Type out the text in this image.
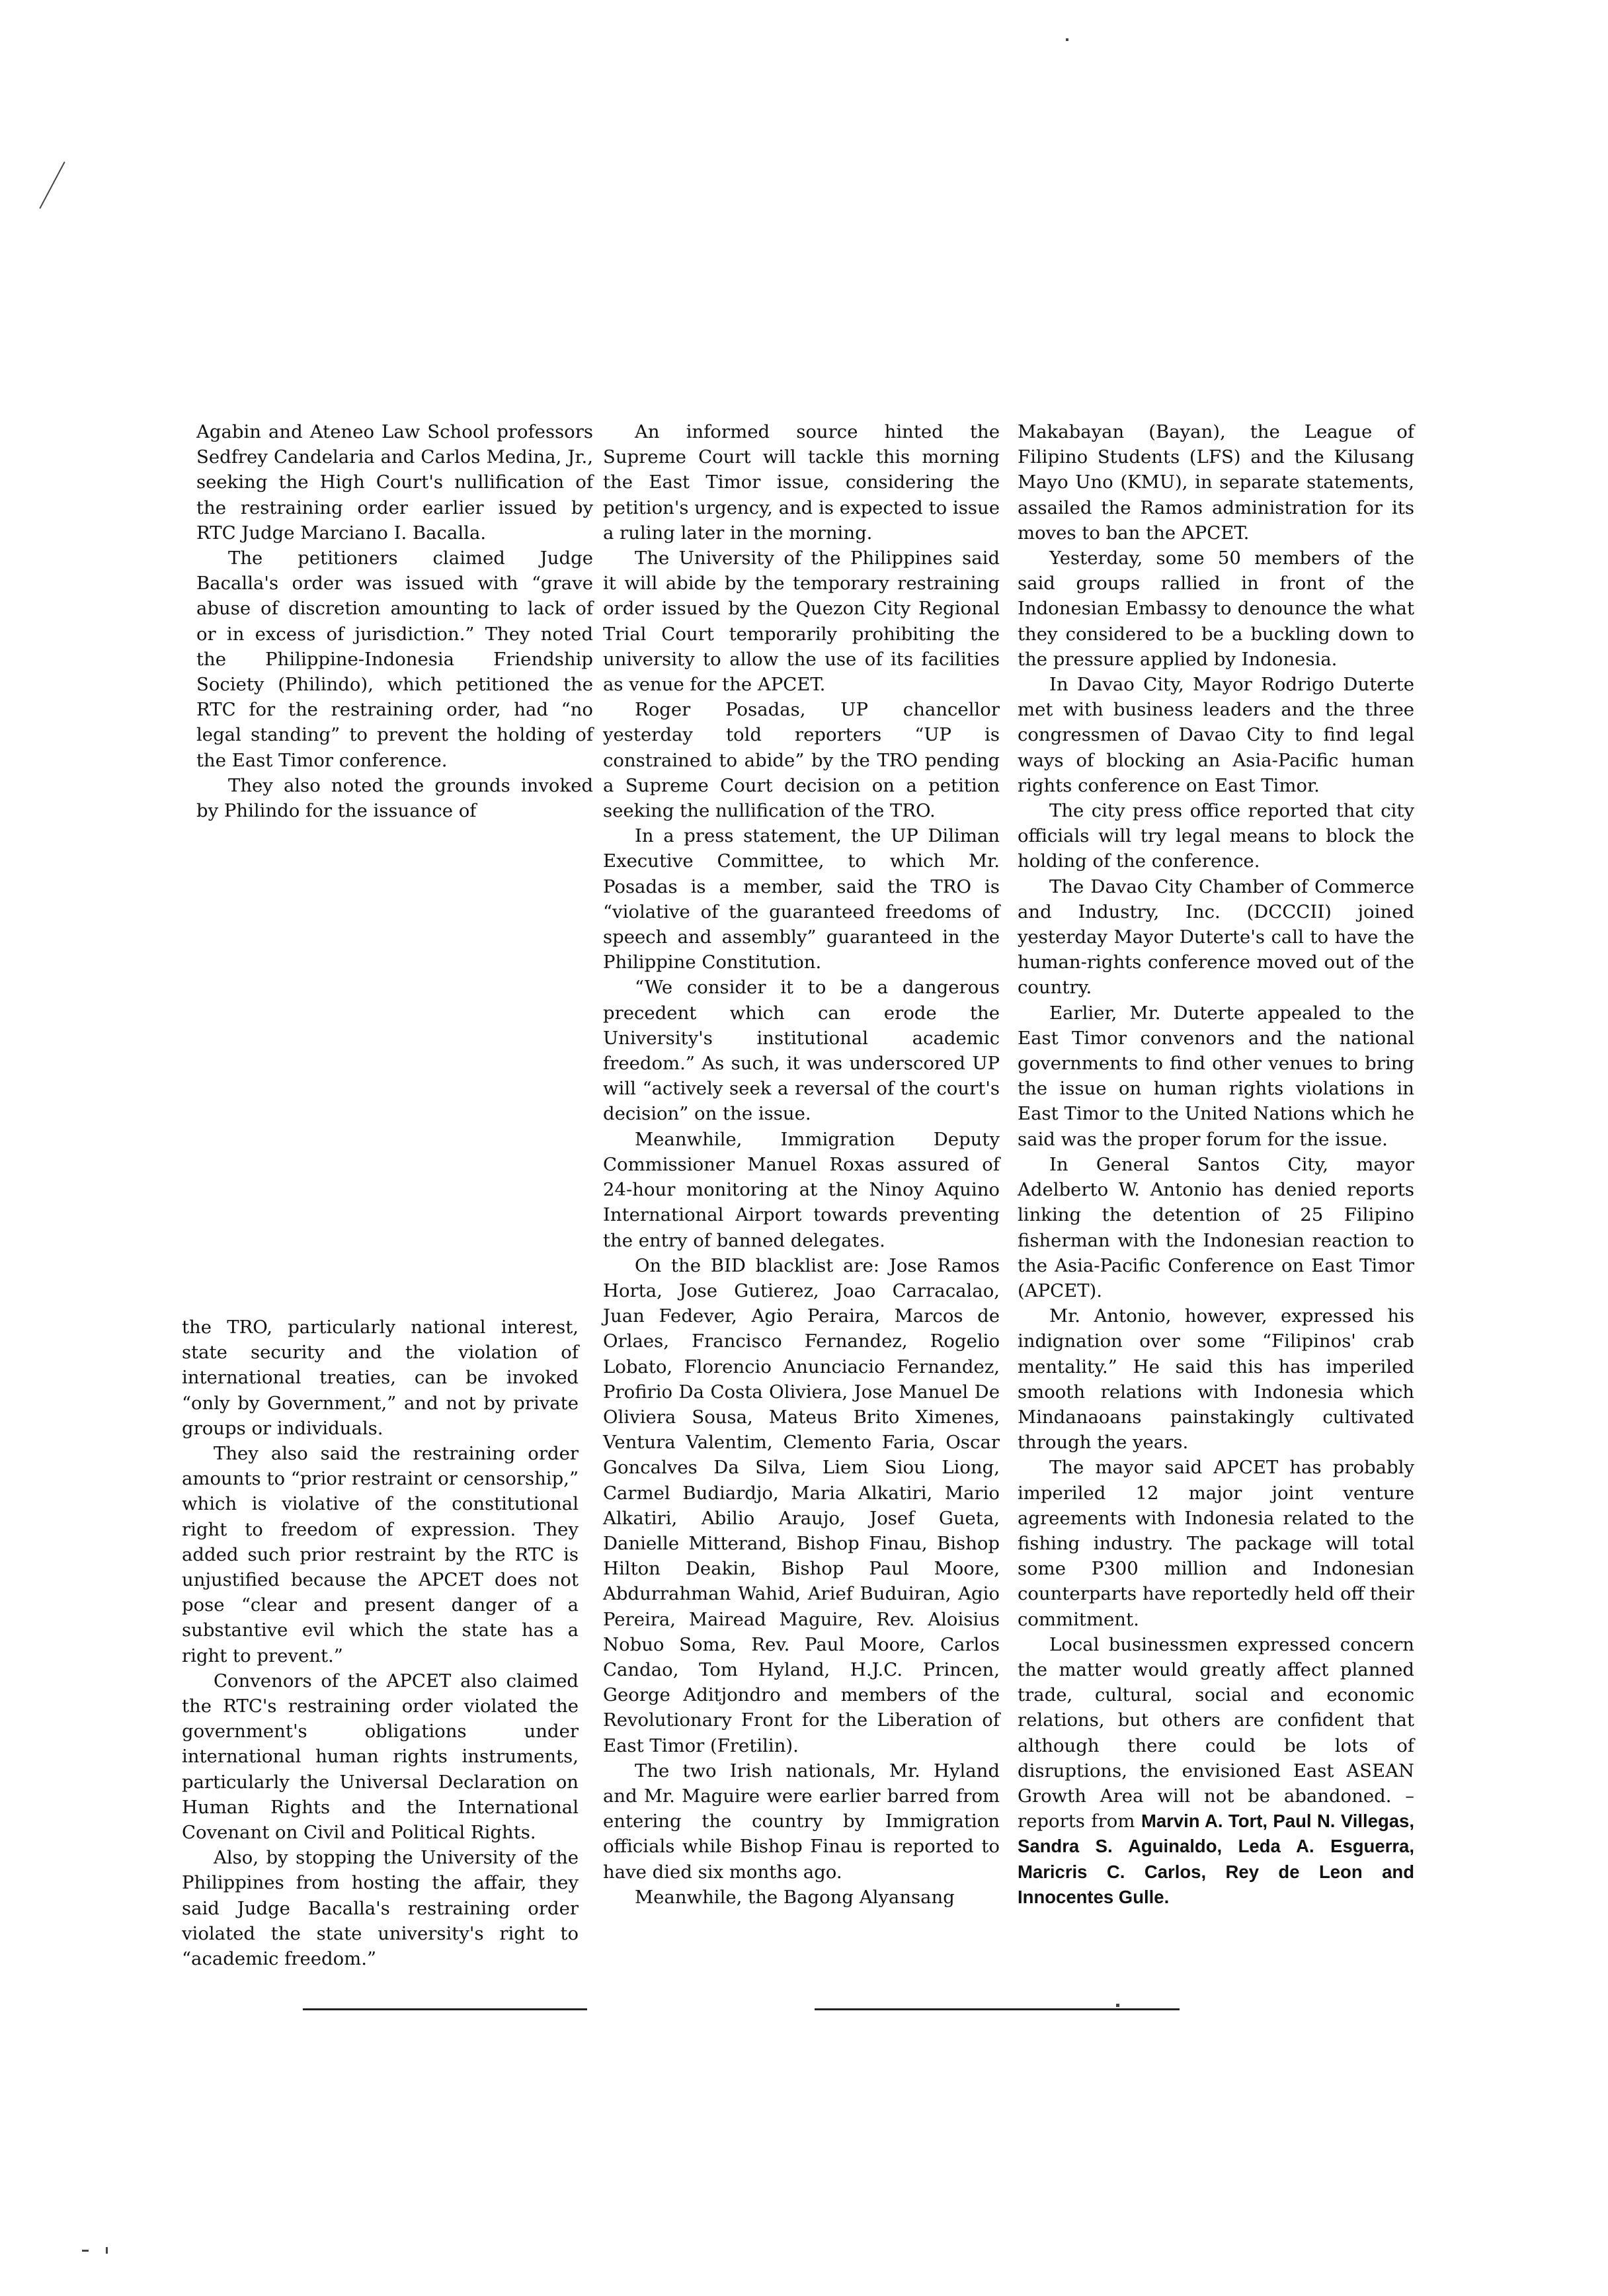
Agabin and Ateneo Law School professors Sedfrey Candelaria and Carlos Medina, Jr., seeking the High Court's nullification of the restraining order earlier issued by RTC Judge Marciano I. Bacalla.

The petitioners claimed Judge Bacalla's order was issued with “grave abuse of discretion amounting to lack of or in excess of jurisdiction.” They noted the Philippine-Indonesia Friendship Society (Philindo), which petitioned the RTC for the restraining order, had “no legal standing” to prevent the holding of the East Timor conference.

They also noted the grounds invoked by Philindo for the issuance of

the TRO, particularly national interest, state security and the violation of international treaties, can be invoked “only by Government,” and not by private groups or individuals.

They also said the restraining order amounts to “prior restraint or censorship,” which is violative of the constitutional right to freedom of expression. They added such prior restraint by the RTC is unjustified because the APCET does not pose “clear and present danger of a substantive evil which the state has a right to prevent.”

Convenors of the APCET also claimed the RTC's restraining order violated the government's obligations under international human rights instruments, particularly the Universal Declaration on Human Rights and the International Covenant on Civil and Political Rights.

Also, by stopping the University of the Philippines from hosting the affair, they said Judge Bacalla's restraining order violated the state university's right to “academic freedom.”

An informed source hinted the Supreme Court will tackle this morning the East Timor issue, considering the petition's urgency, and is expected to issue a ruling later in the morning.

The University of the Philippines said it will abide by the temporary restraining order issued by the Quezon City Regional Trial Court temporarily prohibiting the university to allow the use of its facilities as venue for the APCET.

Roger Posadas, UP chancellor yesterday told reporters “UP is constrained to abide” by the TRO pending a Supreme Court decision on a petition seeking the nullification of the TRO.

In a press statement, the UP Diliman Executive Committee, to which Mr. Posadas is a member, said the TRO is “violative of the guaranteed freedoms of speech and assembly” guaranteed in the Philippine Constitution.

“We consider it to be a dangerous precedent which can erode the University's institutional academic freedom.” As such, it was underscored UP will “actively seek a reversal of the court's decision” on the issue.

Meanwhile, Immigration Deputy Commissioner Manuel Roxas assured of 24-hour monitoring at the Ninoy Aquino International Airport towards preventing the entry of banned delegates.

On the BID blacklist are: Jose Ramos Horta, Jose Gutierez, Joao Carracalao, Juan Fedever, Agio Peraira, Marcos de Orlaes, Francisco Fernandez, Rogelio Lobato, Florencio Anunciacio Fernandez, Profirio Da Costa Oliviera, Jose Manuel De Oliviera Sousa, Mateus Brito Ximenes, Ventura Valentim, Clemento Faria, Oscar Goncalves Da Silva, Liem Siou Liong, Carmel Budiardjo, Maria Alkatiri, Mario Alkatiri, Abilio Araujo, Josef Gueta, Danielle Mitterand, Bishop Finau, Bishop Hilton Deakin, Bishop Paul Moore, Abdurrahman Wahid, Arief Buduiran, Agio Pereira, Mairead Maguire, Rev. Aloisius Nobuo Soma, Rev. Paul Moore, Carlos Candao, Tom Hyland, H.J.C. Princen, George Aditjondro and members of the Revolutionary Front for the Liberation of East Timor (Fretilin).

The two Irish nationals, Mr. Hyland and Mr. Maguire were earlier barred from entering the country by Immigration officials while Bishop Finau is reported to have died six months ago.

Meanwhile, the Bagong Alyansang

Makabayan (Bayan), the League of Filipino Students (LFS) and the Kilusang Mayo Uno (KMU), in separate statements, assailed the Ramos administration for its moves to ban the APCET.

Yesterday, some 50 members of the said groups rallied in front of the Indonesian Embassy to denounce the what they considered to be a buckling down to the pressure applied by Indonesia.

In Davao City, Mayor Rodrigo Duterte met with business leaders and the three congressmen of Davao City to find legal ways of blocking an Asia-Pacific human rights conference on East Timor.

The city press office reported that city officials will try legal means to block the holding of the conference.

The Davao City Chamber of Commerce and Industry, Inc. (DCCCII) joined yesterday Mayor Duterte's call to have the human-rights conference moved out of the country.

Earlier, Mr. Duterte appealed to the East Timor convenors and the national governments to find other venues to bring the issue on human rights violations in East Timor to the United Nations which he said was the proper forum for the issue.

In General Santos City, mayor Adelberto W. Antonio has denied reports linking the detention of 25 Filipino fisherman with the Indonesian reaction to the Asia-Pacific Conference on East Timor (APCET).

Mr. Antonio, however, expressed his indignation over some “Filipinos' crab mentality.” He said this has imperiled smooth relations with Indonesia which Mindanaoans painstakingly cultivated through the years.

The mayor said APCET has probably imperiled 12 major joint venture agreements with Indonesia related to the fishing industry. The package will total some P300 million and Indonesian counterparts have reportedly held off their commitment.

Local businessmen expressed concern the matter would greatly affect planned trade, cultural, social and economic relations, but others are confident that although there could be lots of disruptions, the envisioned East ASEAN Growth Area will not be abandoned. – reports from Marvin A. Tort, Paul N. Villegas, Sandra S. Aguinaldo, Leda A. Esguerra, Maricris C. Carlos, Rey de Leon and Innocentes Gulle.
